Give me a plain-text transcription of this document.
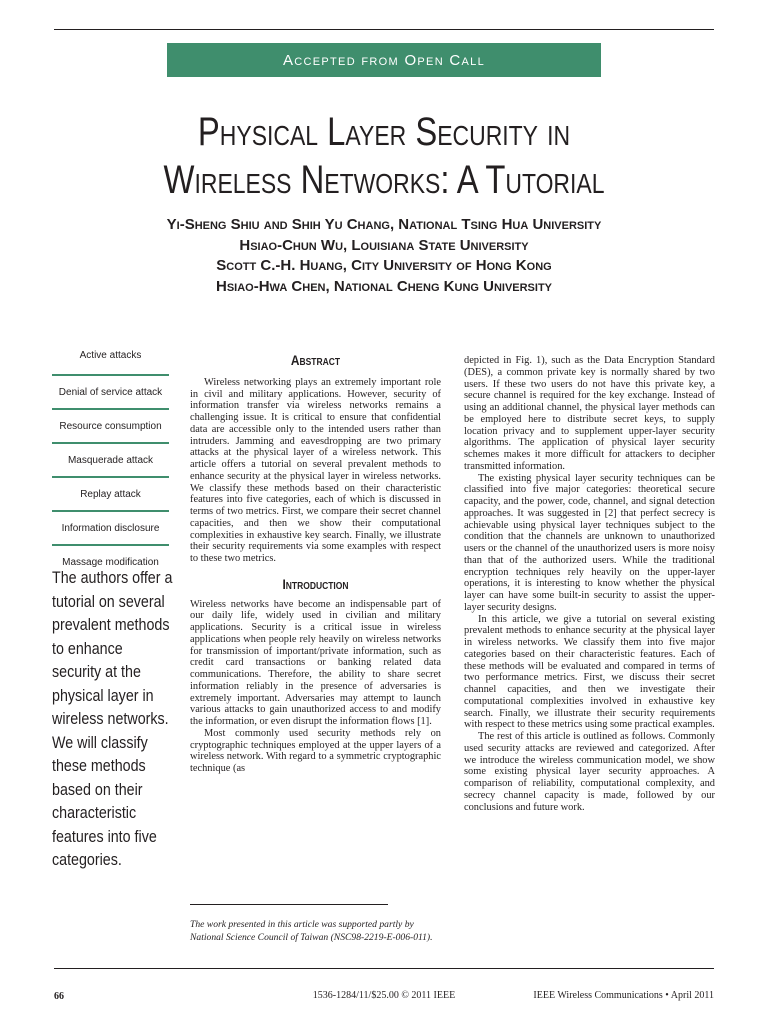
Accepted from Open Call
Physical Layer Security in
Wireless Networks: A Tutorial
Yi-Sheng Shiu and Shih Yu Chang, National Tsing Hua University
Hsiao-Chun Wu, Louisiana State University
Scott C.-H. Huang, City University of Hong Kong
Hsiao-Hwa Chen, National Cheng Kung University
Active attacks
Denial of service attack
Resource consumption
Masquerade attack
Replay attack
Information disclosure
Massage modification
The authors offer a tutorial on several prevalent methods to enhance security at the physical layer in wireless networks. We will classify these methods based on their characteristic features into five categories.
Abstract

Wireless networking plays an extremely important role in civil and military applications. However, security of information transfer via wireless networks remains a challenging issue. It is critical to ensure that confidential data are accessible only to the intended users rather than intruders. Jamming and eavesdropping are two primary attacks at the physical layer of a wireless network. This article offers a tutorial on several prevalent methods to enhance security at the physical layer in wireless networks. We classify these methods based on their characteristic features into five categories, each of which is discussed in terms of two metrics. First, we compare their secret channel capacities, and then we show their computational complexities in exhaustive key search. Finally, we illustrate their security requirements via some examples with respect to these two metrics.

Introduction

Wireless networks have become an indispensable part of our daily life, widely used in civilian and military applications. Security is a critical issue in wireless applications when people rely heavily on wireless networks for transmission of important/private information, such as credit card transactions or banking related data communications. Therefore, the ability to share secret information reliably in the presence of adversaries is extremely important. Adversaries may attempt to launch various attacks to gain unauthorized access to and modify the information, or even disrupt the information flows [1].

Most commonly used security methods rely on cryptographic techniques employed at the upper layers of a wireless network. With regard to a symmetric cryptographic technique (as

The work presented in this article was supported partly by National Science Council of Taiwan (NSC98-2219-E-006-011).

depicted in Fig. 1), such as the Data Encryption Standard (DES), a common private key is normally shared by two users. If these two users do not have this private key, a secure channel is required for the key exchange. Instead of using an additional channel, the physical layer methods can be employed here to distribute secret keys, to supply location privacy and to supplement upper-layer security algorithms. The application of physical layer security schemes makes it more difficult for attackers to decipher transmitted information.

The existing physical layer security techniques can be classified into five major categories: theoretical secure capacity, and the power, code, channel, and signal detection approaches. It was suggested in [2] that perfect secrecy is achievable using physical layer techniques subject to the condition that the channels are unknown to unauthorized users or the channel of the unauthorized users is more noisy than that of the authorized users. While the traditional encryption techniques rely heavily on the upper-layer operations, it is interesting to know whether the physical layer can have some built-in security to assist the upper-layer security designs.

In this article, we give a tutorial on several existing prevalent methods to enhance security at the physical layer in wireless networks. We classify them into five major categories based on their characteristic features. Each of these methods will be evaluated and compared in terms of two performance metrics. First, we discuss their secret channel capacities, and then we investigate their computational complexities involved in exhaustive key search. Finally, we illustrate their security requirements with respect to these metrics using some practical examples.

The rest of this article is outlined as follows. Commonly used security attacks are reviewed and categorized. After we introduce the wireless communication model, we show some existing physical layer security approaches. A comparison of reliability, computational complexity, and secrecy channel capacity is made, followed by our conclusions and future work.

66	1536-1284/11/$25.00 © 2011 IEEE	IEEE Wireless Communications • April 2011
